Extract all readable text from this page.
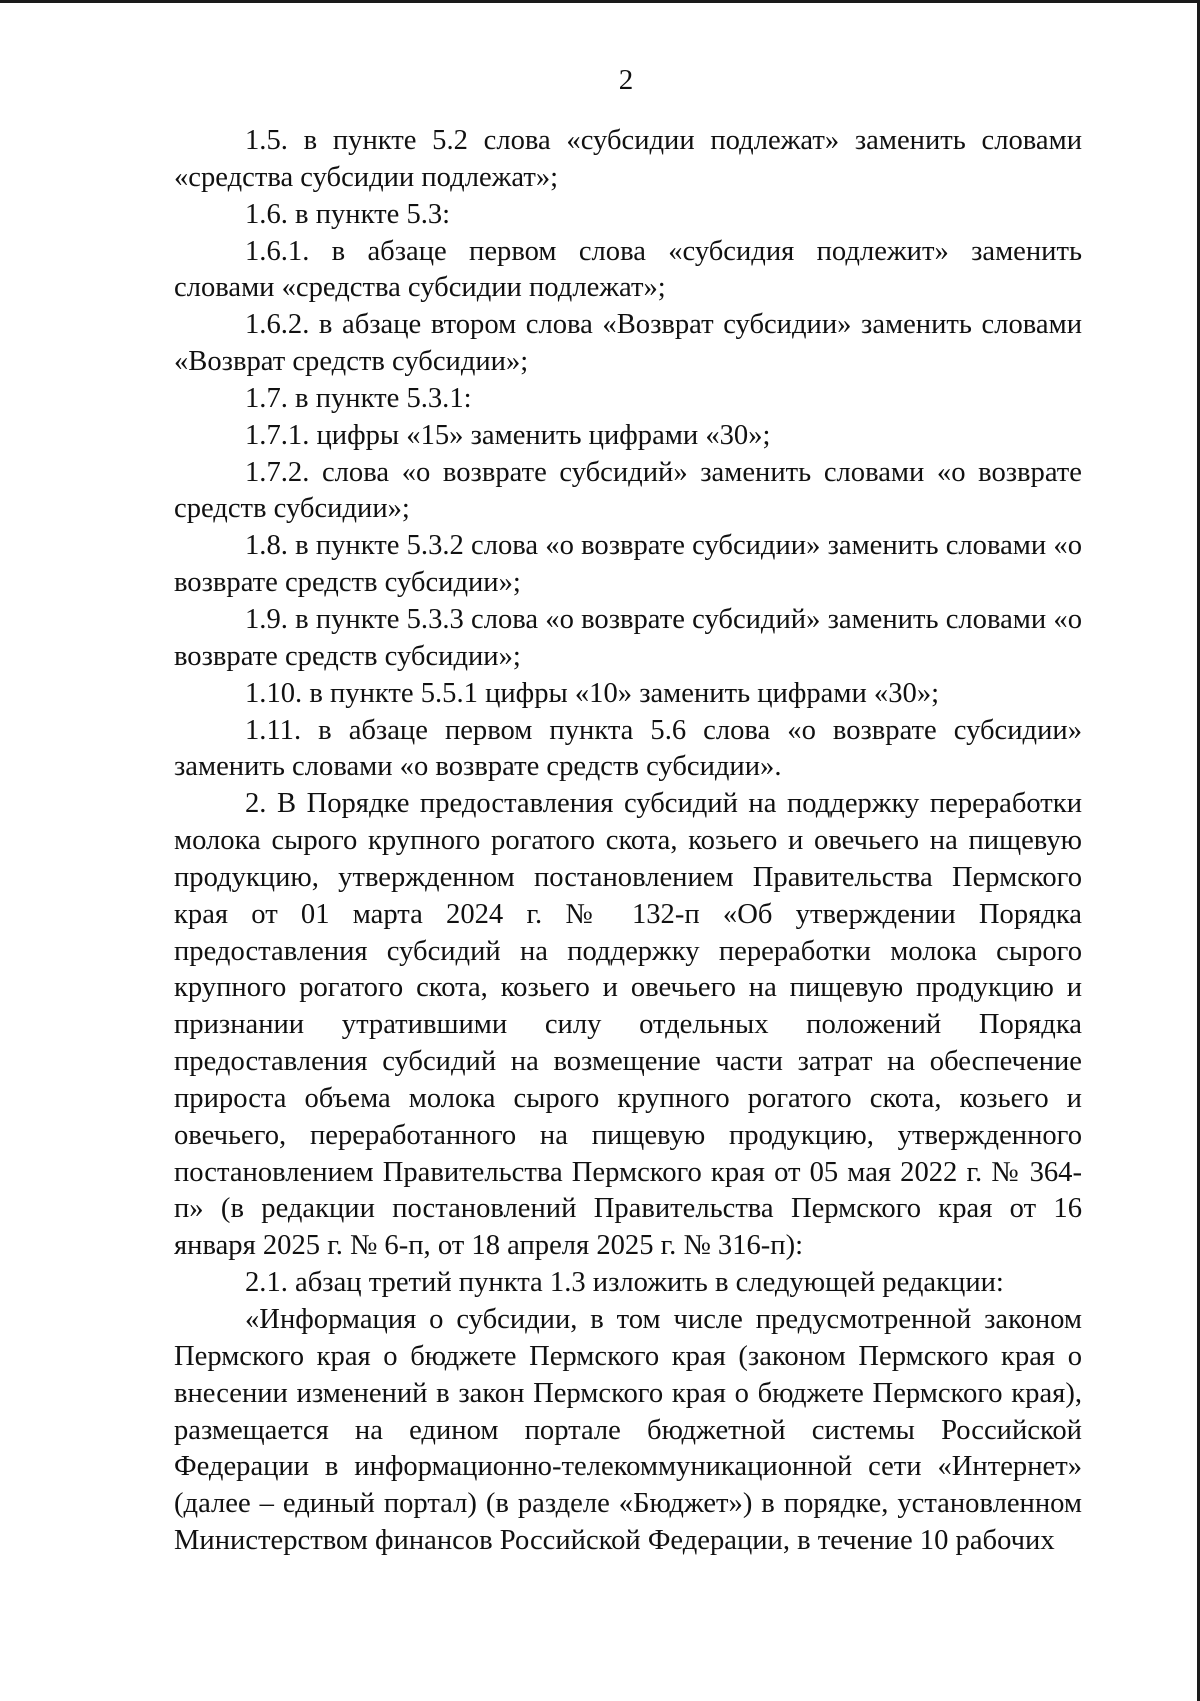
2

1.5. в пункте 5.2 слова «субсидии подлежат» заменить словами «средства субсидии подлежат»;

1.6. в пункте 5.3:

1.6.1. в абзаце первом слова «субсидия подлежит» заменить словами «средства субсидии подлежат»;

1.6.2. в абзаце втором слова «Возврат субсидии» заменить словами «Возврат средств субсидии»;

1.7. в пункте 5.3.1:

1.7.1. цифры «15» заменить цифрами «30»;

1.7.2. слова «о возврате субсидий» заменить словами «о возврате средств субсидии»;

1.8. в пункте 5.3.2 слова «о возврате субсидии» заменить словами «о возврате средств субсидии»;

1.9. в пункте 5.3.3 слова «о возврате субсидий» заменить словами «о возврате средств субсидии»;

1.10. в пункте 5.5.1 цифры «10» заменить цифрами «30»;

1.11. в абзаце первом пункта 5.6 слова «о возврате субсидии» заменить словами «о возврате средств субсидии».

2. В Порядке предоставления субсидий на поддержку переработки молока сырого крупного рогатого скота, козьего и овечьего на пищевую продукцию, утвержденном постановлением Правительства Пермского края от 01 марта 2024 г. № 132-п «Об утверждении Порядка предоставления субсидий на поддержку переработки молока сырого крупного рогатого скота, козьего и овечьего на пищевую продукцию и признании утратившими силу отдельных положений Порядка предоставления субсидий на возмещение части затрат на обеспечение прироста объема молока сырого крупного рогатого скота, козьего и овечьего, переработанного на пищевую продукцию, утвержденного постановлением Правительства Пермского края от 05 мая 2022 г. № 364-п» (в редакции постановлений Правительства Пермского края от 16 января 2025 г. № 6-п, от 18 апреля 2025 г. № 316-п):

2.1. абзац третий пункта 1.3 изложить в следующей редакции:

«Информация о субсидии, в том числе предусмотренной законом Пермского края о бюджете Пермского края (законом Пермского края о внесении изменений в закон Пермского края о бюджете Пермского края), размещается на едином портале бюджетной системы Российской Федерации в информационно-телекоммуникационной сети «Интернет» (далее – единый портал) (в разделе «Бюджет») в порядке, установленном Министерством финансов Российской Федерации, в течение 10 рабочих
